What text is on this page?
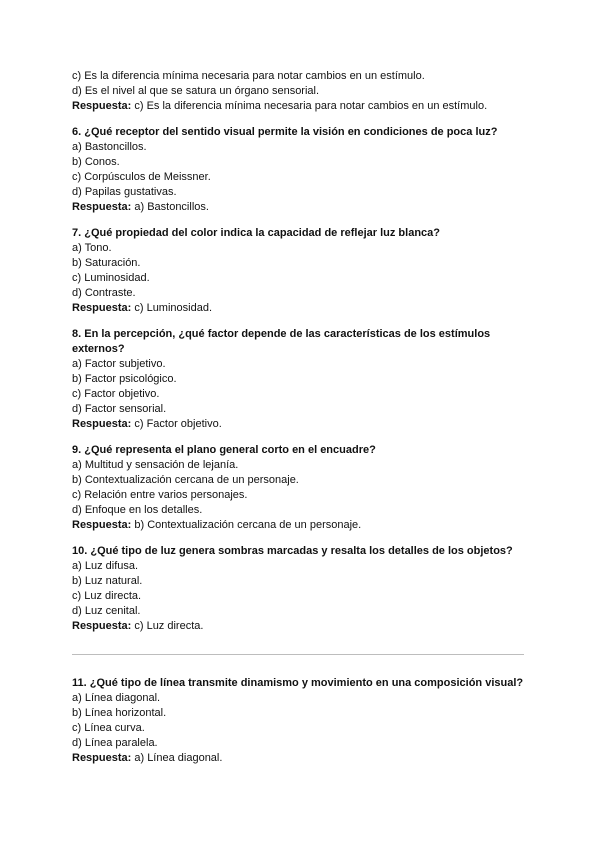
c) Es la diferencia mínima necesaria para notar cambios en un estímulo.
d) Es el nivel al que se satura un órgano sensorial.
Respuesta: c) Es la diferencia mínima necesaria para notar cambios en un estímulo.
6. ¿Qué receptor del sentido visual permite la visión en condiciones de poca luz?
a) Bastoncillos.
b) Conos.
c) Corpúsculos de Meissner.
d) Papilas gustativas.
Respuesta: a) Bastoncillos.
7. ¿Qué propiedad del color indica la capacidad de reflejar luz blanca?
a) Tono.
b) Saturación.
c) Luminosidad.
d) Contraste.
Respuesta: c) Luminosidad.
8. En la percepción, ¿qué factor depende de las características de los estímulos
externos?
a) Factor subjetivo.
b) Factor psicológico.
c) Factor objetivo.
d) Factor sensorial.
Respuesta: c) Factor objetivo.
9. ¿Qué representa el plano general corto en el encuadre?
a) Multitud y sensación de lejanía.
b) Contextualización cercana de un personaje.
c) Relación entre varios personajes.
d) Enfoque en los detalles.
Respuesta: b) Contextualización cercana de un personaje.
10. ¿Qué tipo de luz genera sombras marcadas y resalta los detalles de los objetos?
a) Luz difusa.
b) Luz natural.
c) Luz directa.
d) Luz cenital.
Respuesta: c) Luz directa.
11. ¿Qué tipo de línea transmite dinamismo y movimiento en una composición visual?
a) Línea diagonal.
b) Línea horizontal.
c) Línea curva.
d) Línea paralela.
Respuesta: a) Línea diagonal.
